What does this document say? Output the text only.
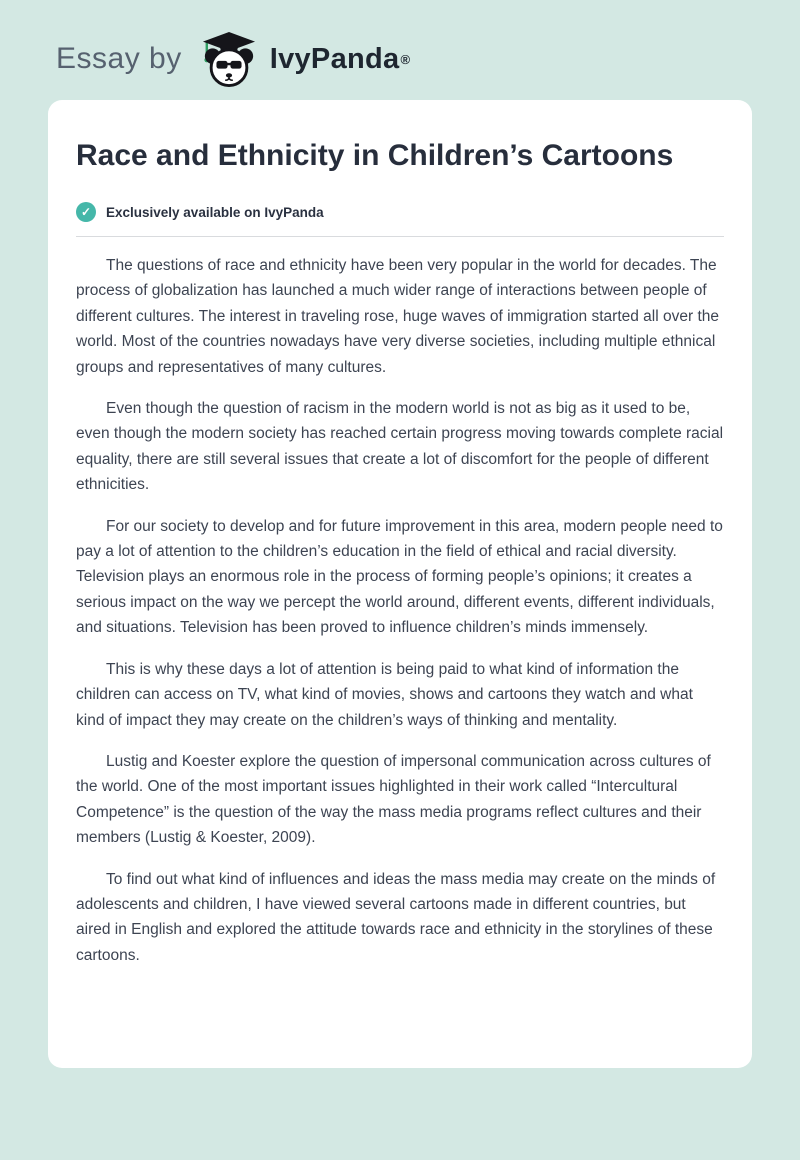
Essay by	IvyPanda ®
Race and Ethnicity in Children’s Cartoons
✓	Exclusively available on IvyPanda

The questions of race and ethnicity have been very popular in the world for decades. The process of globalization has launched a much wider range of interactions between people of different cultures. The interest in traveling rose, huge waves of immigration started all over the world. Most of the countries nowadays have very diverse societies, including multiple ethnical groups and representatives of many cultures.

Even though the question of racism in the modern world is not as big as it used to be, even though the modern society has reached certain progress moving towards complete racial equality, there are still several issues that create a lot of discomfort for the people of different ethnicities.

For our society to develop and for future improvement in this area, modern people need to pay a lot of attention to the children’s education in the field of ethical and racial diversity. Television plays an enormous role in the process of forming people’s opinions; it creates a serious impact on the way we percept the world around, different events, different individuals, and situations. Television has been proved to influence children’s minds immensely.

This is why these days a lot of attention is being paid to what kind of information the children can access on TV, what kind of movies, shows and cartoons they watch and what kind of impact they may create on the children’s ways of thinking and mentality.

Lustig and Koester explore the question of impersonal communication across cultures of the world. One of the most important issues highlighted in their work called “Intercultural Competence” is the question of the way the mass media programs reflect cultures and their members (Lustig & Koester, 2009).

To find out what kind of influences and ideas the mass media may create on the minds of adolescents and children, I have viewed several cartoons made in different countries, but aired in English and explored the attitude towards race and ethnicity in the storylines of these cartoons.
